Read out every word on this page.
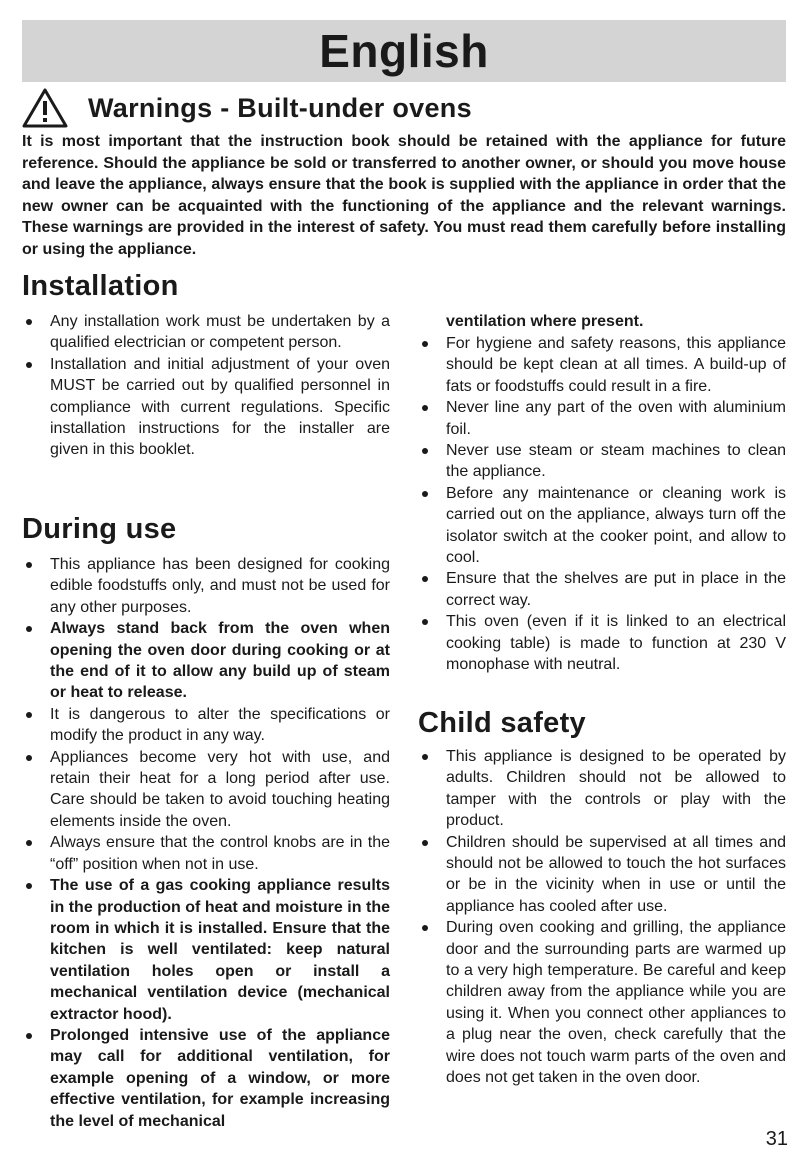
English
Warnings - Built-under ovens

It is most important that the instruction book should be retained with the appliance for future reference. Should the appliance be sold or transferred to another owner, or should you move house and leave the appliance, always ensure that the book is supplied with the appliance in order that the new owner can be acquainted with the functioning of the appliance and the relevant warnings. These warnings are provided in the interest of safety. You must read them carefully before installing or using the appliance.

Installation
Any installation work must be undertaken by a qualified electrician or competent person.
Installation and initial adjustment of your oven MUST be carried out by qualified personnel in compliance with current regulations. Specific installation instructions for the installer are given in this booklet.
During use
This appliance has been designed for cooking edible foodstuffs only, and must not be used for any other purposes.
Always stand back from the oven when opening the oven door during cooking or at the end of it to allow any build up of steam or heat to release.
It is dangerous to alter the specifications or modify the product in any way.
Appliances become very hot with use, and retain their heat for a long period after use. Care should be taken to avoid touching heating elements inside the oven.
Always ensure that the control knobs are in the “off” position when not in use.
The use of a gas cooking appliance results in the production of heat and moisture in the room in which it is installed. Ensure that the kitchen is well ventilated: keep natural ventilation holes open or install a mechanical ventilation device (mechanical extractor hood).
Prolonged intensive use of the appliance may call for additional ventilation, for example opening of a window, or more effective ventilation, for example increasing the level of mechanical

ventilation where present.

For hygiene and safety reasons, this appliance should be kept clean at all times. A build-up of fats or foodstuffs could result in a fire.
Never line any part of the oven with aluminium foil.
Never use steam or steam machines to clean the appliance.
Before any maintenance or cleaning work is carried out on the appliance, always turn off the isolator switch at the cooker point, and allow to cool.
Ensure that the shelves are put in place in the correct way.
This oven (even if it is linked to an electrical cooking table) is made to function at 230 V monophase with neutral.
Child safety
This appliance is designed to be operated by adults. Children should not be allowed to tamper with the controls or play with the product.
Children should be supervised at all times and should not be allowed to touch the hot surfaces or be in the vicinity when in use or until the appliance has cooled after use.
During oven cooking and grilling, the appliance door and the surrounding parts are warmed up to a very high temperature. Be careful and keep children away from the appliance while you are using it. When you connect other appliances to a plug near the oven, check carefully that the wire does not touch warm parts of the oven and does not get taken in the oven door.
31
